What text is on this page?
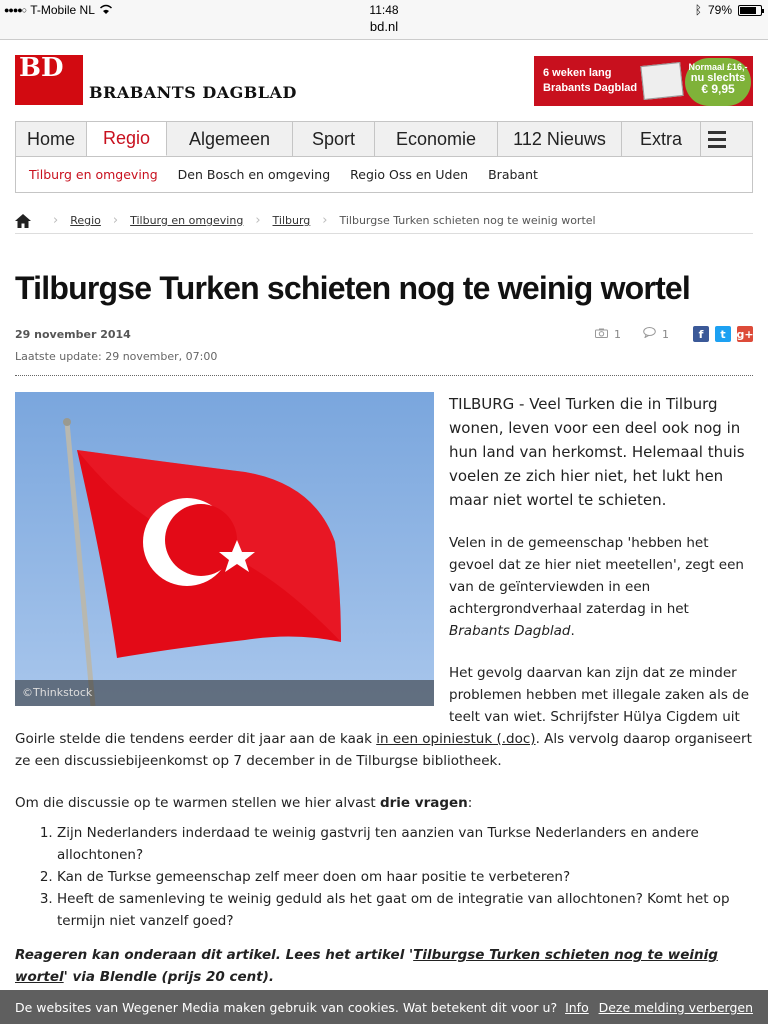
●●●●○ T-Mobile NL	11:48
bd.nl
ᛒ 79%
BD
BRABANTS DAGBLAD
6 weken lang
Brabants Dagblad
Normaal £16,-
nu slechts
€ 9,95
Home	Regio	Algemeen	Sport	Economie	112 Nieuws	Extra
Tilburg en omgeving Den Bosch en omgeving Regio Oss en Uden Brabant
› Regio › Tilburg en omgeving › Tilburg › Tilburgse Turken schieten nog te weinig wortel
Tilburgse Turken schieten nog te weinig wortel
29 november 2014
Laatste update: 29 november, 07:00
1	1	f	t g+
©Thinkstock

TILBURG - Veel Turken die in Tilburg wonen, leven voor een deel ook nog in hun land van herkomst. Helemaal thuis voelen ze zich hier niet, het lukt hen maar niet wortel te schieten.

Velen in de gemeenschap 'hebben het gevoel dat ze hier niet meetellen', zegt een van de geïnterviewden in een achtergrondverhaal zaterdag in het Brabants Dagblad.

Het gevolg daarvan kan zijn dat ze minder problemen hebben met illegale zaken als de teelt van wiet. Schrijfster Hülya Cigdem uit Goirle stelde die tendens eerder dit jaar aan de kaak in een opiniestuk (.doc). Als vervolg daarop organiseert ze een discussiebijeenkomst op 7 december in de Tilburgse bibliotheek.

Om die discussie op te warmen stellen we hier alvast drie vragen:

1. Zijn Nederlanders inderdaad te weinig gastvrij ten aanzien van Turkse Nederlanders en andere allochtonen?
2. Kan de Turkse gemeenschap zelf meer doen om haar positie te verbeteren?
3. Heeft de samenleving te weinig geduld als het gaat om de integratie van allochtonen? Komt het op termijn niet vanzelf goed?

Reageren kan onderaan dit artikel. Lees het artikel 'Tilburgse Turken schieten nog te weinig wortel' via Blendle (prijs 20 cent).

De websites van Wegener Media maken gebruik van cookies. Wat betekent dit voor u? Info Deze melding verbergen
